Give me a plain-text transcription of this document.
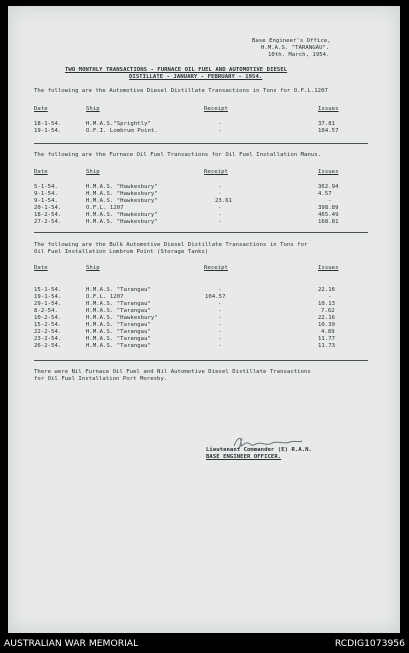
Base Engineer's Office,
H.M.A.S. "TARANGAU".
10th. March, 1954.
TWO MONTHLY TRANSACTIONS - FURNACE OIL FUEL AND AUTOMOTIVE DIESEL
DISTILLATE - JANUARY - FEBRUARY - 1954.
The following are the Automotive Diesel Distillate Transactions in Tons for O.F.L.1207
Date	Ship	Receipt	Issues
18-1-54.	H.M.A.S."Sprightly"	-	37.81
19-1-54.	O.F.I. Lombrum Point.	-	104.57
The following are the Furnace Oil Fuel Transactions for Oil Fuel Installation Manus.
Date	Ship	Receipt	Issues
5-1-54.	H.M.A.S. "Hawkesbury"	-	362.94
9-1-54.	H.M.A.S. "Hawkesbury"	-	4.57
9-1-54.	H.M.A.S. "Hawkesbury"	23.61	-
20-1-54.	O.F.L. 1207	-	398.89
18-2-54.	H.M.A.S. "Hawkesbury"	-	465.49
27-2-54.	H.M.A.S. "Hawkesbury"	-	168.81
The following are the Bulk Automotive Diesel Distillate Transactions in Tons for
Oil Fuel Installation Lombrum Point (Storage Tanks)
Date	Ship	Receipt	Issues
15-1-54.	H.M.A.S. "Tarangau"	-	22.16
19-1-54.	O.F.L. 1207	104.57	-
29-1-54.	H.M.A.S. "Tarangau"	-	10.13
8-2-54.	H.M.A.S. "Tarangau"	-	7.62
10-2-54.	H.M.A.S. "Hawkesbury"	-	22.16
15-2-54.	H.M.A.S. "Tarangau"	-	10.39
22-2-54.	H.M.A.S. "Tarangau"	-	4.89
23-2-54.	H.M.A.S. "Tarangau"	-	11.77
26-2-54.	H.M.A.S. "Tarangau"	-	11.73
There were Nil Furnace Oil Fuel and Nil Automotive Diesel Distillate Transactions
for Oil Fuel Installation Port Moresby.
Lieutenant Commander (E) R.A.N.
BASE ENGINEER OFFICER.
AUSTRALIAN WAR MEMORIAL	RCDIG1073956
